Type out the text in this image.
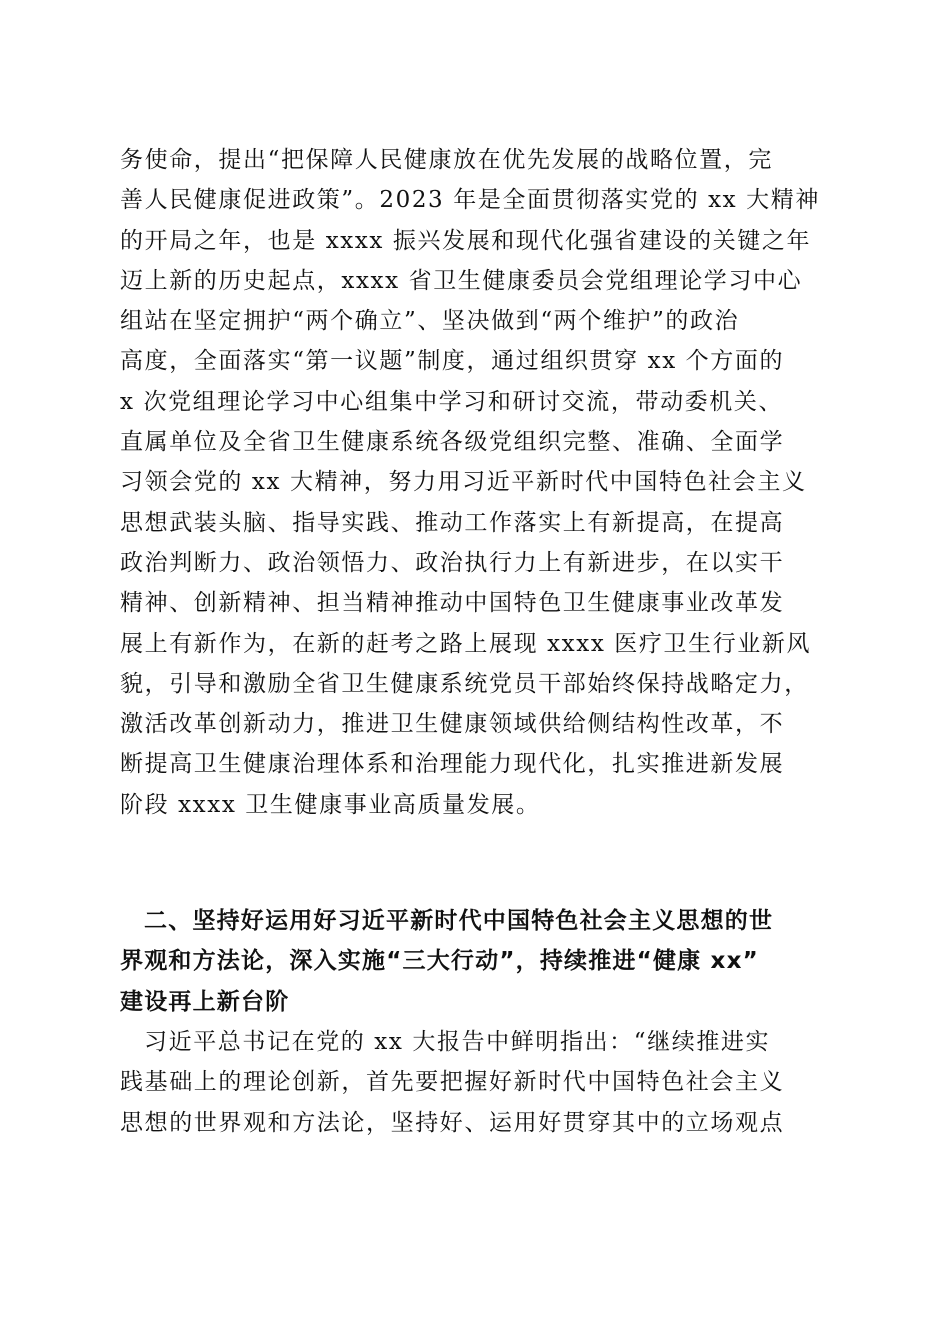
务使命，提出“把保障人民健康放在优先发展的战略位置，完
善人民健康促进政策”。2023 年是全面贯彻落实党的 xx 大精神
的开局之年，也是 xxxx 振兴发展和现代化强省建设的关键之年
迈上新的历史起点，xxxx 省卫生健康委员会党组理论学习中心
组站在坚定拥护“两个确立”、坚决做到“两个维护”的政治
高度，全面落实“第一议题”制度，通过组织贯穿 xx 个方面的
x 次党组理论学习中心组集中学习和研讨交流，带动委机关、
直属单位及全省卫生健康系统各级党组织完整、准确、全面学
习领会党的 xx 大精神，努力用习近平新时代中国特色社会主义
思想武装头脑、指导实践、推动工作落实上有新提高，在提高
政治判断力、政治领悟力、政治执行力上有新进步，在以实干
精神、创新精神、担当精神推动中国特色卫生健康事业改革发
展上有新作为，在新的赶考之路上展现 xxxx 医疗卫生行业新风
貌，引导和激励全省卫生健康系统党员干部始终保持战略定力，
激活改革创新动力，推进卫生健康领域供给侧结构性改革，不
断提高卫生健康治理体系和治理能力现代化，扎实推进新发展
阶段 xxxx 卫生健康事业高质量发展。
二、坚持好运用好习近平新时代中国特色社会主义思想的世
界观和方法论，深入实施“三大行动”，持续推进“健康 xx”
建设再上新台阶
习近平总书记在党的 xx 大报告中鲜明指出：“继续推进实
践基础上的理论创新，首先要把握好新时代中国特色社会主义
思想的世界观和方法论，坚持好、运用好贯穿其中的立场观点
